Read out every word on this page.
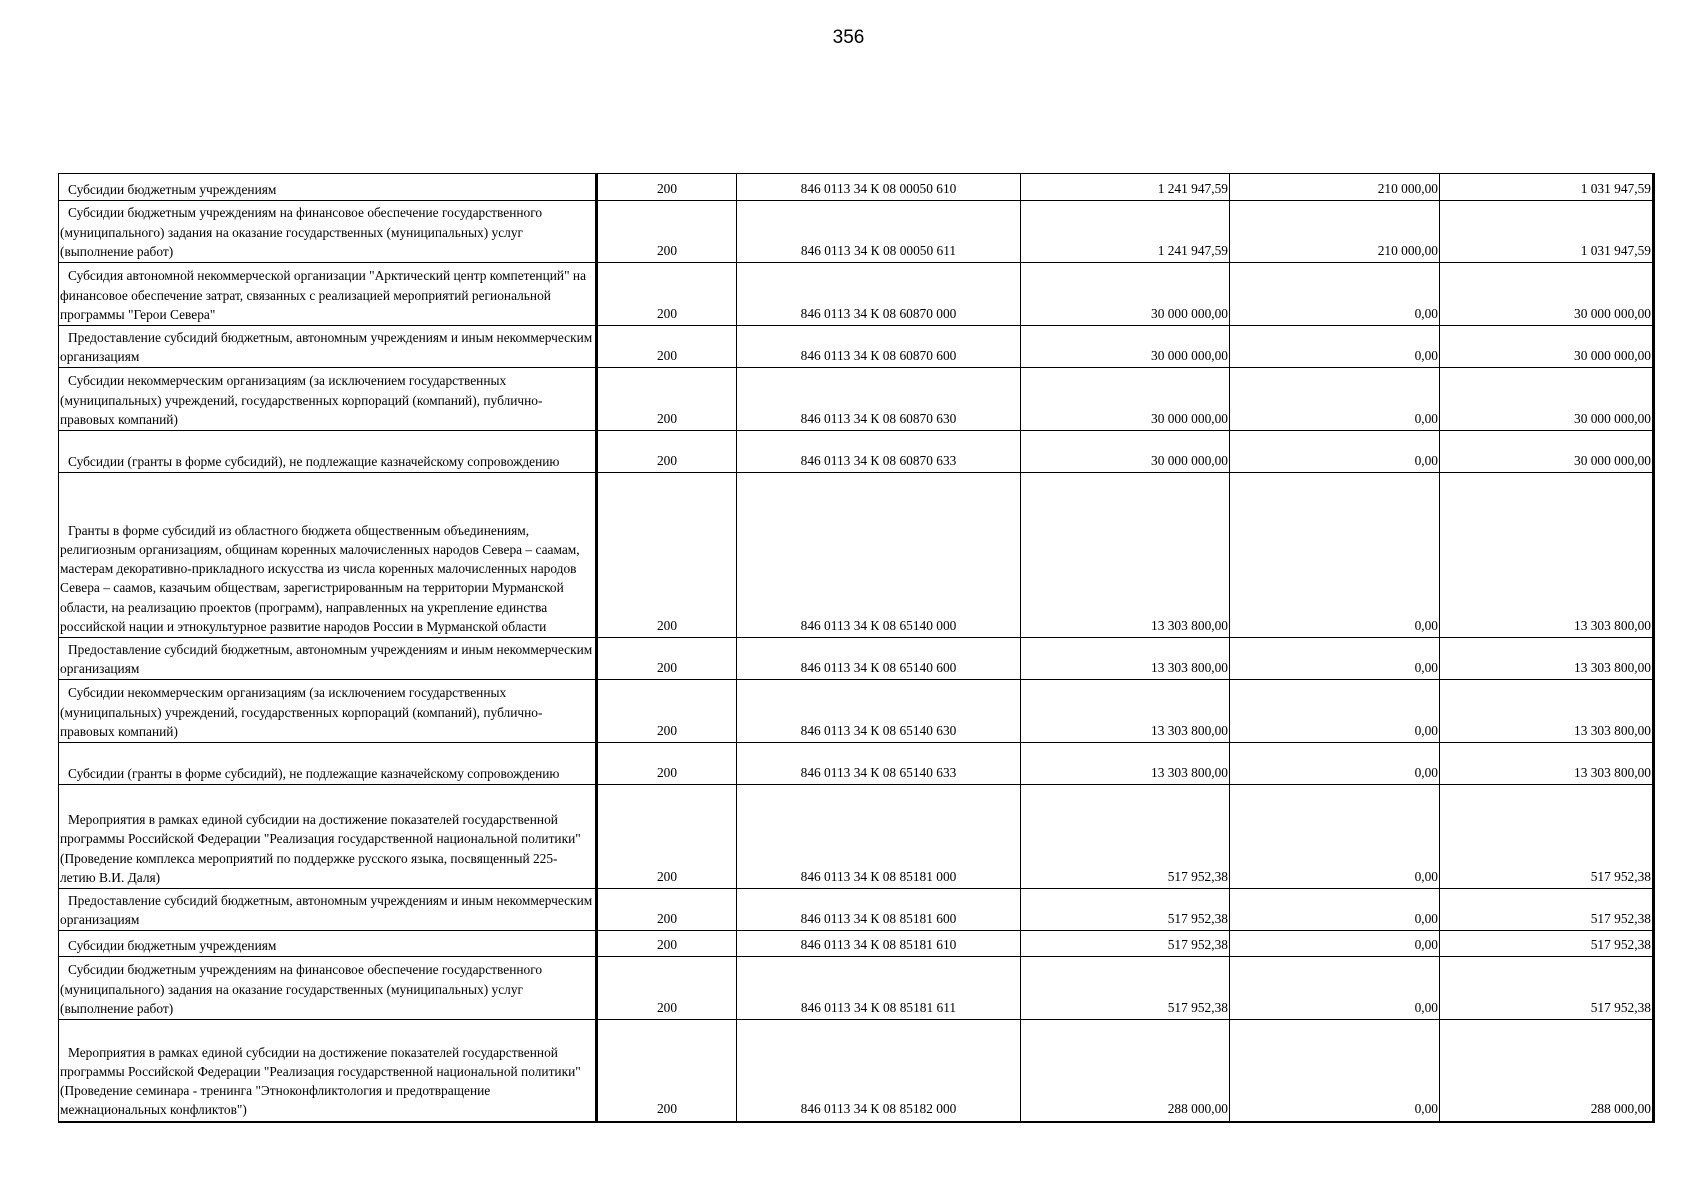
356
Субсидии бюджетным учреждениям	200	846 0113 34 К 08 00050 610	1 241 947,59	210 000,00	1 031 947,59

Субсидии бюджетным учреждениям на финансовое обеспечение государственного (муниципального) задания на оказание государственных (муниципальных) услуг (выполнение работ)	200	846 0113 34 К 08 00050 611	1 241 947,59	210 000,00	1 031 947,59

Субсидия автономной некоммерческой организации "Арктический центр компетенций" на финансовое обеспечение затрат, связанных с реализацией мероприятий региональной программы "Герои Севера"	200	846 0113 34 К 08 60870 000	30 000 000,00	0,00	30 000 000,00

Предоставление субсидий бюджетным, автономным учреждениям и иным некоммерческим организациям	200	846 0113 34 К 08 60870 600	30 000 000,00	0,00	30 000 000,00

Субсидии некоммерческим организациям (за исключением государственных (муниципальных) учреждений, государственных корпораций (компаний), публично-правовых компаний)	200	846 0113 34 К 08 60870 630	30 000 000,00	0,00	30 000 000,00

Субсидии (гранты в форме субсидий), не подлежащие казначейскому сопровождению	200	846 0113 34 К 08 60870 633	30 000 000,00	0,00	30 000 000,00

Гранты в форме субсидий из областного бюджета общественным объединениям, религиозным организациям, общинам коренных малочисленных народов Севера – саамам, мастерам декоративно-прикладного искусства из числа коренных малочисленных народов Севера – саамов, казачьим обществам, зарегистрированным на территории Мурманской области, на реализацию проектов (программ), направленных на укрепление единства российской нации и этнокультурное развитие народов России в Мурманской области	200	846 0113 34 К 08 65140 000	13 303 800,00	0,00	13 303 800,00

Предоставление субсидий бюджетным, автономным учреждениям и иным некоммерческим организациям	200	846 0113 34 К 08 65140 600	13 303 800,00	0,00	13 303 800,00

Субсидии некоммерческим организациям (за исключением государственных (муниципальных) учреждений, государственных корпораций (компаний), публично-правовых компаний)	200	846 0113 34 К 08 65140 630	13 303 800,00	0,00	13 303 800,00

Субсидии (гранты в форме субсидий), не подлежащие казначейскому сопровождению	200	846 0113 34 К 08 65140 633	13 303 800,00	0,00	13 303 800,00

Мероприятия в рамках единой субсидии на достижение показателей государственной программы Российской Федерации "Реализация государственной национальной политики" (Проведение комплекса мероприятий по поддержке русского языка, посвященный 225-летию В.И. Даля)	200	846 0113 34 К 08 85181 000	517 952,38	0,00	517 952,38

Предоставление субсидий бюджетным, автономным учреждениям и иным некоммерческим организациям	200	846 0113 34 К 08 85181 600	517 952,38	0,00	517 952,38

Субсидии бюджетным учреждениям	200	846 0113 34 К 08 85181 610	517 952,38	0,00	517 952,38

Субсидии бюджетным учреждениям на финансовое обеспечение государственного (муниципального) задания на оказание государственных (муниципальных) услуг (выполнение работ)	200	846 0113 34 К 08 85181 611	517 952,38	0,00	517 952,38

Мероприятия в рамках единой субсидии на достижение показателей государственной программы Российской Федерации "Реализация государственной национальной политики" (Проведение семинара - тренинга "Этноконфликтология и предотвращение межнациональных конфликтов")	200	846 0113 34 К 08 85182 000	288 000,00	0,00	288 000,00
